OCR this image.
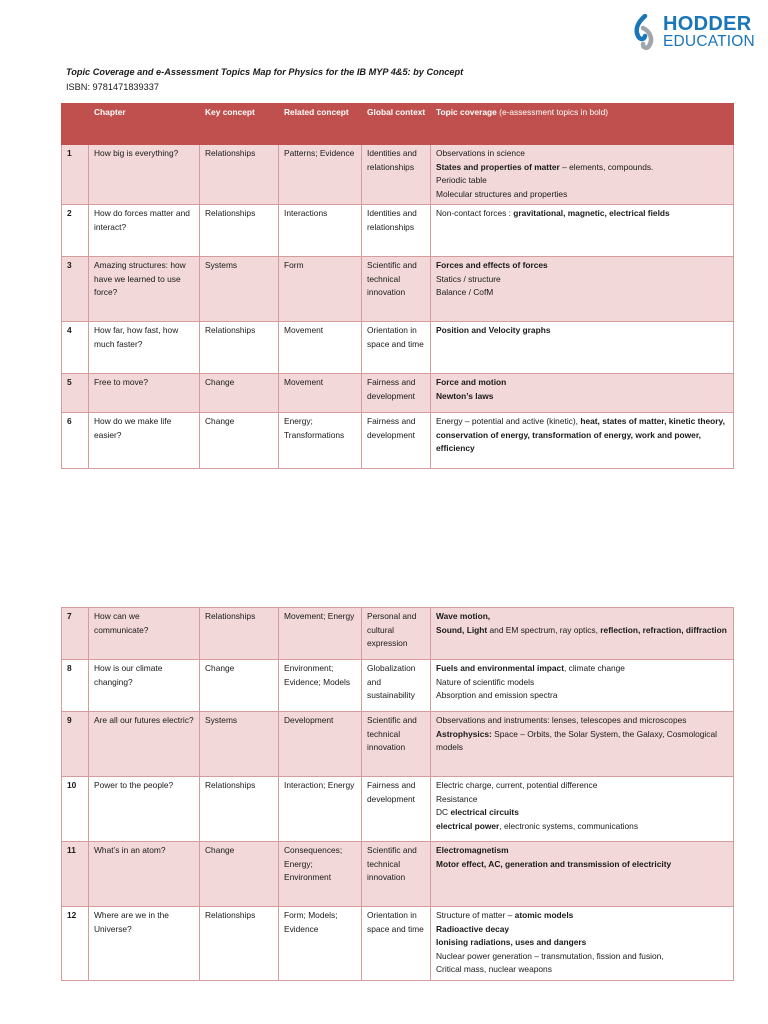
HODDER
EDUCATION
Topic Coverage and e-Assessment Topics Map for Physics for the IB MYP 4&5: by Concept
ISBN: 9781471839337
	Chapter	Key concept	Related concept	Global context	Topic coverage (e-assessment topics in bold)
1	How big is everything?	Relationships	Patterns; Evidence	Identities and relationships	Observations in science
States and properties of matter – elements, compounds.
Periodic table
Molecular structures and properties

2	How do forces matter and interact?	Relationships	Interactions	Identities and relationships	Non-contact forces : gravitational, magnetic, electrical fields

3	Amazing structures: how have we learned to use force?	Systems	Form	Scientific and technical innovation	Forces and effects of forces
Statics / structure
Balance / CofM

4	How far, how fast, how much faster?	Relationships	Movement	Orientation in space and time	Position and Velocity graphs

5	Free to move?	Change	Movement	Fairness and development	Force and motion
Newton’s laws

6	How do we make life easier?	Change	Energy; Transformations	Fairness and development	Energy – potential and active (kinetic), heat, states of matter, kinetic theory, conservation of energy, transformation of energy, work and power,
efficiency
7	How can we communicate?	Relationships	Movement; Energy	Personal and cultural expression	Wave motion,
Sound, Light and EM spectrum, ray optics, reflection, refraction, diffraction

8	How is our climate changing?	Change	Environment; Evidence; Models	Globalization and sustainability	Fuels and environmental impact, climate change
Nature of scientific models
Absorption and emission spectra

9	Are all our futures electric?	Systems	Development	Scientific and technical innovation	Observations and instruments: lenses, telescopes and microscopes Astrophysics: Space – Orbits, the Solar System, the Galaxy, Cosmological models

10	Power to the people?	Relationships	Interaction; Energy	Fairness and development	Electric charge, current, potential difference
Resistance
DC electrical circuits
electrical power, electronic systems, communications

11	What’s in an atom?	Change	Consequences; Energy; Environment	Scientific and technical innovation	Electromagnetism
Motor effect, AC, generation and transmission of electricity

12	Where are we in the Universe?	Relationships	Form; Models; Evidence	Orientation in space and time	Structure of matter – atomic models
Radioactive decay
Ionising radiations, uses and dangers
Nuclear power generation – transmutation, fission and fusion,
Critical mass, nuclear weapons
